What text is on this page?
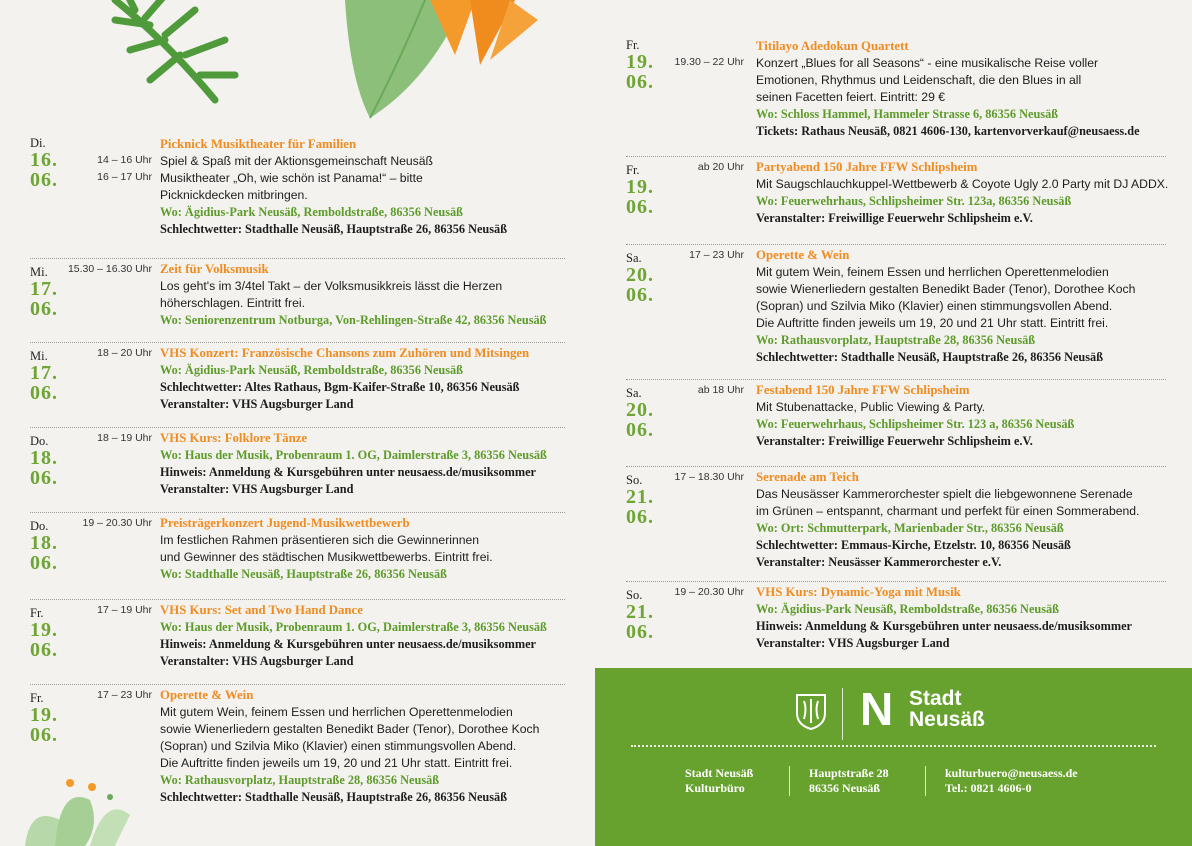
Di.
16.
06.
14 – 16 Uhr
16 – 17 Uhr
Picknick Musiktheater für Familien
Spiel & Spaß mit der Aktionsgemeinschaft Neusäß
Musiktheater „Oh, wie schön ist Panama!“ – bitte
Picknickdecken mitbringen.
Wo: Ägidius-Park Neusäß, Remboldstraße, 86356 Neusäß
Schlechtwetter: Stadthalle Neusäß, Hauptstraße 26, 86356 Neusäß
Mi.
17.
06.
15.30 – 16.30 Uhr Zeit für Volksmusik
Los geht's im 3/4tel Takt – der Volksmusikkreis lässt die Herzen
höherschlagen. Eintritt frei.
Wo: Seniorenzentrum Notburga, Von-Rehlingen-Straße 42, 86356 Neusäß
Mi.
17.
06.
18 – 20 Uhr VHS Konzert: Französische Chansons zum Zuhören und Mitsingen
Wo: Ägidius-Park Neusäß, Remboldstraße, 86356 Neusäß
Schlechtwetter: Altes Rathaus, Bgm-Kaifer-Straße 10, 86356 Neusäß
Veranstalter: VHS Augsburger Land
Do.
18.
06.
18 – 19 Uhr VHS Kurs: Folklore Tänze
Wo: Haus der Musik, Probenraum 1. OG, Daimlerstraße 3, 86356 Neusäß
Hinweis: Anmeldung & Kursgebühren unter neusaess.de/musiksommer
Veranstalter: VHS Augsburger Land
Do.
18.
06.
19 – 20.30 Uhr Preisträgerkonzert Jugend-Musikwettbewerb
Im festlichen Rahmen präsentieren sich die Gewinnerinnen
und Gewinner des städtischen Musikwettbewerbs. Eintritt frei.
Wo: Stadthalle Neusäß, Hauptstraße 26, 86356 Neusäß
Fr.
19.
06.
17 – 19 Uhr VHS Kurs: Set and Two Hand Dance
Wo: Haus der Musik, Probenraum 1. OG, Daimlerstraße 3, 86356 Neusäß
Hinweis: Anmeldung & Kursgebühren unter neusaess.de/musiksommer
Veranstalter: VHS Augsburger Land
Fr.
19.
06.
17 – 23 Uhr Operette & Wein
Mit gutem Wein, feinem Essen und herrlichen Operettenmelodien
sowie Wienerliedern gestalten Benedikt Bader (Tenor), Dorothee Koch
(Sopran) und Szilvia Miko (Klavier) einen stimmungsvollen Abend.
Die Auftritte finden jeweils um 19, 20 und 21 Uhr statt. Eintritt frei.
Wo: Rathausvorplatz, Hauptstraße 28, 86356 Neusäß
Schlechtwetter: Stadthalle Neusäß, Hauptstraße 26, 86356 Neusäß
Fr.
19.
06.
19.30 – 22 Uhr
Titilayo Adedokun Quartett
Konzert „Blues for all Seasons“ - eine musikalische Reise voller
Emotionen, Rhythmus und Leidenschaft, die den Blues in all
seinen Facetten feiert. Eintritt: 29 €
Wo: Schloss Hammel, Hammeler Strasse 6, 86356 Neusäß
Tickets: Rathaus Neusäß, 0821 4606-130, kartenvorverkauf@neusaess.de
Fr.
19.
06.
ab 20 Uhr Partyabend 150 Jahre FFW Schlipsheim
Mit Saugschlauchkuppel-Wettbewerb & Coyote Ugly 2.0 Party mit DJ ADDX.
Wo: Feuerwehrhaus, Schlipsheimer Str. 123a, 86356 Neusäß
Veranstalter: Freiwillige Feuerwehr Schlipsheim e.V.
Sa.
20.
06.
17 – 23 Uhr Operette & Wein
Mit gutem Wein, feinem Essen und herrlichen Operettenmelodien
sowie Wienerliedern gestalten Benedikt Bader (Tenor), Dorothee Koch
(Sopran) und Szilvia Miko (Klavier) einen stimmungsvollen Abend.
Die Auftritte finden jeweils um 19, 20 und 21 Uhr statt. Eintritt frei.
Wo: Rathausvorplatz, Hauptstraße 28, 86356 Neusäß
Schlechtwetter: Stadthalle Neusäß, Hauptstraße 26, 86356 Neusäß
Sa.
20.
06.
ab 18 Uhr Festabend 150 Jahre FFW Schlipsheim
Mit Stubenattacke, Public Viewing & Party.
Wo: Feuerwehrhaus, Schlipsheimer Str. 123 a, 86356 Neusäß
Veranstalter: Freiwillige Feuerwehr Schlipsheim e.V.
So.
21.
06.
17 – 18.30 Uhr Serenade am Teich
Das Neusässer Kammerorchester spielt die liebgewonnene Serenade
im Grünen – entspannt, charmant und perfekt für einen Sommerabend.
Wo: Ort: Schmutterpark, Marienbader Str., 86356 Neusäß
Schlechtwetter: Emmaus-Kirche, Etzelstr. 10, 86356 Neusäß
Veranstalter: Neusässer Kammerorchester e.V.
So.
21.
06.
19 – 20.30 Uhr VHS Kurs: Dynamic-Yoga mit Musik
Wo: Ägidius-Park Neusäß, Remboldstraße, 86356 Neusäß
Hinweis: Anmeldung & Kursgebühren unter neusaess.de/musiksommer
Veranstalter: VHS Augsburger Land
N Stadt
Neusäß
Stadt Neusäß
Kulturbüro
Hauptstraße 28
86356 Neusäß
kulturbuero@neusaess.de
Tel.: 0821 4606-0
